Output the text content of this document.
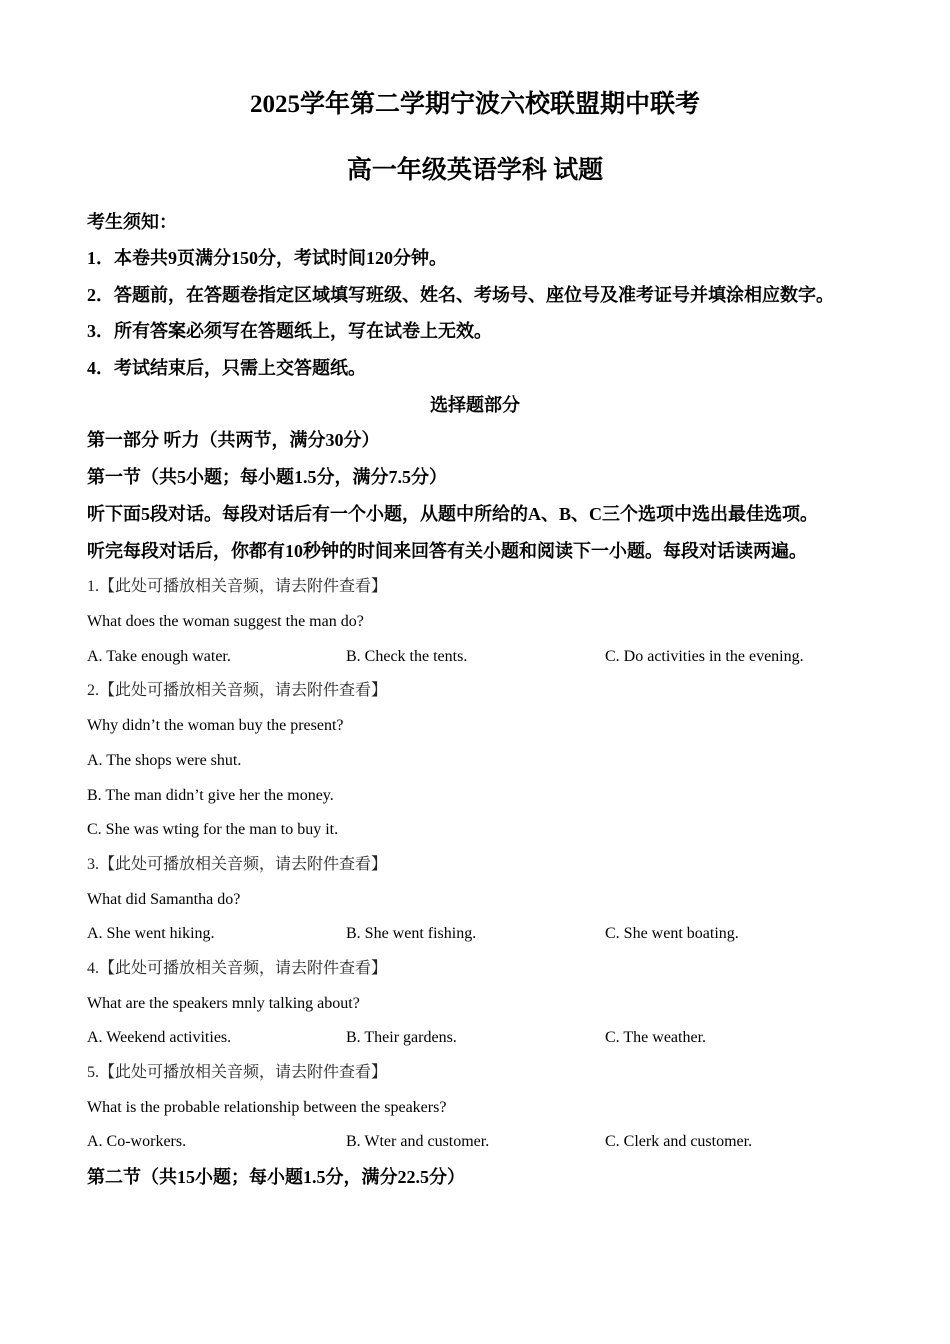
2025学年第二学期宁波六校联盟期中联考
高一年级英语学科 试题
考生须知：
1．本卷共9页满分150分，考试时间120分钟。
2．答题前，在答题卷指定区域填写班级、姓名、考场号、座位号及准考证号并填涂相应数字。
3．所有答案必须写在答题纸上，写在试卷上无效。
4．考试结束后，只需上交答题纸。
选择题部分
第一部分 听力（共两节，满分30分）
第一节（共5小题；每小题1.5分，满分7.5分）
听下面5段对话。每段对话后有一个小题，从题中所给的A、B、C三个选项中选出最佳选项。
听完每段对话后，你都有10秒钟的时间来回答有关小题和阅读下一小题。每段对话读两遍。
1.【此处可播放相关音频，请去附件查看】
What does the woman suggest the man do?
A. Take enough water.	B. Check the tents.	C. Do activities in the evening.
2.【此处可播放相关音频，请去附件查看】
Why didn’t the woman buy the present?
A. The shops were shut.
B. The man didn’t give her the money.
C. She was wting for the man to buy it.
3.【此处可播放相关音频，请去附件查看】
What did Samantha do?
A. She went hiking.	B. She went fishing.	C. She went boating.
4.【此处可播放相关音频，请去附件查看】
What are the speakers mnly talking about?
A. Weekend activities.	B. Their gardens.	C. The weather.
5.【此处可播放相关音频，请去附件查看】
What is the probable relationship between the speakers?
A. Co-workers.	B. Wter and customer.	C. Clerk and customer.
第二节（共15小题；每小题1.5分，满分22.5分）
